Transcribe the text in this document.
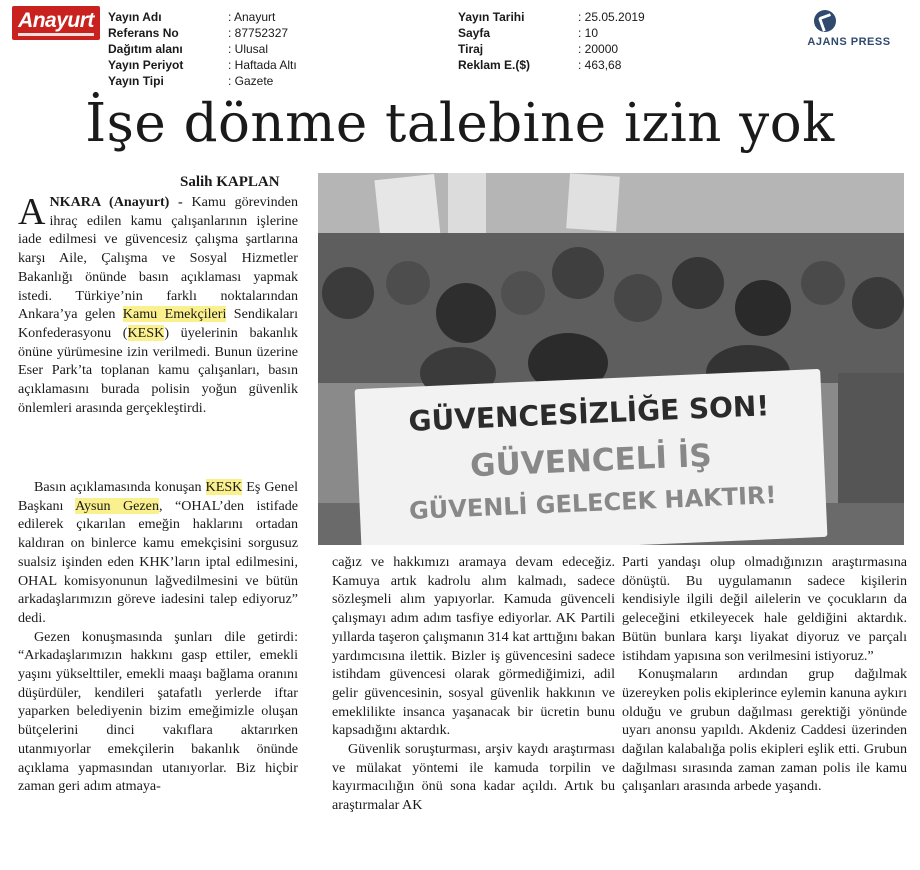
Anayurt	Yayın Adı	: Anayurt
Referans No	: 87752327
Dağıtım alanı	: Ulusal
Yayın Periyot	: Haftada Altı
Yayın Tipi	: Gazete
Yayın Tarihi	: 25.05.2019
Sayfa	: 10
Tiraj	: 20000
Reklam E.($)	: 463,68
AJANS PRESS
İşe dönme talebine izin yok
Salih KAPLAN
GÜVENCESİZLİĞE SON!
GÜVENCELİ İŞ
GÜVENLİ GELECEK HAKTIR!

ANKARA (Anayurt) - Kamu görevinden ihraç edilen kamu çalışanlarının işlerine iade edilmesi ve güvencesiz çalışma şartlarına karşı Aile, Çalışma ve Sosyal Hizmetler Bakanlığı önünde basın açıklaması yapmak istedi. Türkiye’nin farklı noktalarından Ankara’ya gelen Kamu Emekçileri Sendikaları Konfederasyonu (KESK) üyelerinin bakanlık önüne yürümesine izin verilmedi. Bunun üzerine Eser Park’ta toplanan kamu çalışanları, basın açıklamasını burada polisin yoğun güvenlik önlemleri arasında gerçekleştirdi.

Basın açıklamasında konuşan KESK Eş Genel Başkanı Aysun Gezen, “OHAL’den istifade edilerek çıkarılan emeğin haklarını ortadan kaldıran on binlerce kamu emekçisini sorgusuz sualsiz işinden eden KHK’ların iptal edilmesini, OHAL komisyonunun lağvedilmesini ve bütün arkadaşlarımızın göreve iadesini talep ediyoruz” dedi.

Gezen konuşmasında şunları dile getirdi: “Arkadaşlarımızın hakkını gasp ettiler, emekli yaşını yükselttiler, emekli maaşı bağlama oranını düşürdüler, kendileri şatafatlı yerlerde iftar yaparken belediyenin bizim emeğimizle oluşan bütçelerini dinci vakıflara aktarırken utanmıyorlar emekçilerin bakanlık önünde açıklama yapmasından utanıyorlar. Biz hiçbir zaman geri adım atmaya-

cağız ve hakkımızı aramaya devam edeceğiz. Kamuya artık kadrolu alım kalmadı, sadece sözleşmeli alım yapıyorlar. Kamuda güvenceli çalışmayı adım adım tasfiye ediyorlar. AK Partili yıllarda taşeron çalışmanın 314 kat arttığını bakan yardımcısına ilettik. Bizler iş güvencesini sadece istihdam güvencesi olarak görmediğimizi, adil gelir güvencesinin, sosyal güvenlik hakkının ve emeklilikte insanca yaşanacak bir ücretin bunu kapsadığını aktardık.

Güvenlik soruşturması, arşiv kaydı araştırması ve mülakat yöntemi ile kamuda torpilin ve kayırmacılığın önü sona kadar açıldı. Artık bu araştırmalar AK

Parti yandaşı olup olmadığınızın araştırmasına dönüştü. Bu uygulamanın sadece kişilerin kendisiyle ilgili değil ailelerin ve çocukların da geleceğini etkileyecek hale geldiğini aktardık. Bütün bunlara karşı liyakat diyoruz ve parçalı istihdam yapısına son verilmesini istiyoruz.”

Konuşmaların ardından grup dağılmak üzereyken polis ekiplerince eylemin kanuna aykırı olduğu ve grubun dağılması gerektiği yönünde uyarı anonsu yapıldı. Akdeniz Caddesi üzerinden dağılan kalabalığa polis ekipleri eşlik etti. Grubun dağılması sırasında zaman zaman polis ile kamu çalışanları arasında arbede yaşandı.
